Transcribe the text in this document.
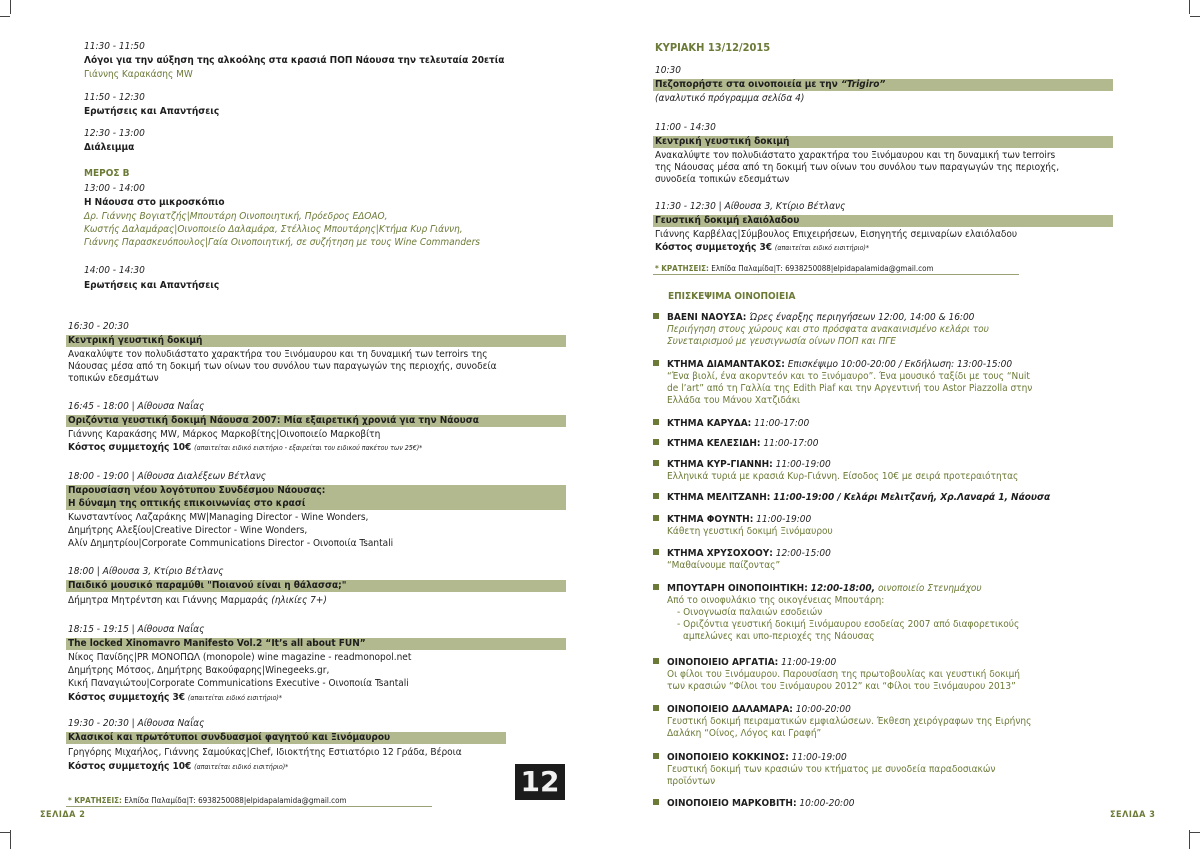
11:30 - 11:50
Λόγοι για την αύξηση της αλκοόλης στα κρασιά ΠΟΠ Νάουσα την τελευταία 20ετία
Γιάννης Καρακάσης MW
11:50 - 12:30
Ερωτήσεις και Απαντήσεις
12:30 - 13:00
Διάλειμμα
ΜΕΡΟΣ Β
13:00 - 14:00
Η Νάουσα στο μικροσκόπιο
Δρ. Γιάννης Βογιατζής|Μπουτάρη Οινοποιητική, Πρόεδρος ΕΔΟΑΟ,
Κωστής Δαλαμάρας|Οινοποιείο Δαλαμάρα, Στέλλιος Μπουτάρης|Κτήμα Κυρ Γιάννη,
Γιάννης Παρασκευόπουλος|Γαία Οινοποιητική, σε συζήτηση με τους Wine Commanders
14:00 - 14:30
Ερωτήσεις και Απαντήσεις
16:30 - 20:30
Κεντρική γευστική δοκιμή
Ανακαλύψτε τον πολυδιάστατο χαρακτήρα του Ξινόμαυρου και τη δυναμική των terroirs της
Νάουσας μέσα από τη δοκιμή των οίνων του συνόλου των παραγωγών της περιοχής, συνοδεία
τοπικών εδεσμάτων
16:45 - 18:00 | Αίθουσα Ναΐας
Οριζόντια γευστική δοκιμή Νάουσα 2007: Μία εξαιρετική χρονιά για την Νάουσα
Γιάννης Καρακάσης MW, Μάρκος Μαρκοβίτης|Οινοποιείο Μαρκοβίτη
Κόστος συμμετοχής 10€ (απαιτείται ειδικό εισιτήριο - εξαιρείται του ειδικού πακέτου των 25€)*
18:00 - 19:00 | Αίθουσα Διαλέξεων Βέτλανς
Παρουσίαση νέου λογότυπου Συνδέσμου Νάουσας:
Η δύναμη της οπτικής επικοινωνίας στο κρασί
Κωνσταντίνος Λαζαράκης MW|Managing Director - Wine Wonders,
Δημήτρης Αλεξίου|Creative Director - Wine Wonders,
Αλίν Δημητρίου|Corporate Communications Director - Οινοποιία Tsantali
18:00 | Αίθουσα 3, Κτίριο Βέτλανς
Παιδικό μουσικό παραμύθι "Ποιανού είναι η θάλασσα;"
Δήμητρα Μητρέντση και Γιάννης Μαρμαράς (ηλικίες 7+)
18:15 - 19:15 | Αίθουσα Ναΐας
The locked Xinomavro Manifesto Vol.2 “It’s all about FUN”
Νίκος Πανίδης|PR ΜΟΝΟΠΩΛ (monopole) wine magazine - readmonopol.net
Δημήτρης Μότσος, Δημήτρης Βακούφαρης|Winegeeks.gr,
Κική Παναγιώτου|Corporate Communications Executive - Οινοποιία Tsantali
Κόστος συμμετοχής 3€ (απαιτείται ειδικό εισιτήριο)*
19:30 - 20:30 | Αίθουσα Ναΐας
Κλασικοί και πρωτότυποι συνδυασμοί φαγητού και Ξινόμαυρου
Γρηγόρης Μιχαήλος, Γιάννης Σαμούκας|Chef, Ιδιοκτήτης Εστιατόριο 12 Γράδα, Βέροια
Κόστος συμμετοχής 10€ (απαιτείται ειδικό εισιτήριο)*	12
* ΚΡΑΤΗΣΕΙΣ: Ελπίδα Παλαμίδα|Τ: 6938250088|elpidapalamida@gmail.com
ΣΕΛΙΔΑ 2
ΚΥΡΙΑΚΗ 13/12/2015
10:30
Πεζοπορήστε στα οινοποιεία με την “Trigiro”
(αναλυτικό πρόγραμμα σελίδα 4)
11:00 - 14:30
Κεντρική γευστική δοκιμή
Ανακαλύψτε τον πολυδιάστατο χαρακτήρα του Ξινόμαυρου και τη δυναμική των terroirs
της Νάουσας μέσα από τη δοκιμή των οίνων του συνόλου των παραγωγών της περιοχής,
συνοδεία τοπικών εδεσμάτων
11:30 - 12:30 | Αίθουσα 3, Κτίριο Βέτλανς
Γευστική δοκιμή ελαιόλαδου
Γιάννης Καρβέλας|Σύμβουλος Επιχειρήσεων, Εισηγητής σεμιναρίων ελαιόλαδου
Κόστος συμμετοχής 3€ (απαιτείται ειδικό εισιτήριο)*
* ΚΡΑΤΗΣΕΙΣ: Ελπίδα Παλαμίδα|Τ: 6938250088|elpidapalamida@gmail.com
ΕΠΙΣΚΕΨΙΜΑ ΟΙΝΟΠΟΙΕΙΑ
ΒΑΕΝΙ ΝΑΟΥΣΑ: Ώρες έναρξης περιηγήσεων 12:00, 14:00 & 16:00
Περιήγηση στους χώρους και στο πρόσφατα ανακαινισμένο κελάρι του
Συνεταιρισμού με γευσιγνωσία οίνων ΠΟΠ και ΠΓΕ
ΚΤΗΜΑ ΔΙΑΜΑΝΤΑΚΟΣ: Επισκέψιμο 10:00-20:00 / Εκδήλωση: 13:00-15:00
“Ένα βιολί, ένα ακορντεόν και το Ξινόμαυρο”. Ένα μουσικό ταξίδι με τους “Nuit
de l’art” από τη Γαλλία της Edith Piaf και την Αργεντινή του Astor Piazzolla στην
Ελλάδα του Μάνου Χατζιδάκι
ΚΤΗΜΑ ΚΑΡΥΔΑ: 11:00-17:00
ΚΤΗΜΑ ΚΕΛΕΣΙΔΗ: 11:00-17:00
ΚΤΗΜΑ ΚΥΡ-ΓΙΑΝΝΗ: 11:00-19:00
Ελληνικά τυριά με κρασιά Κυρ-Γιάννη. Είσοδος 10€ με σειρά προτεραιότητας
ΚΤΗΜΑ ΜΕΛΙΤΖΑΝΗ: 11:00-19:00 / Κελάρι Μελιτζανή, Χρ.Λαναρά 1, Νάουσα
ΚΤΗΜΑ ΦΟΥΝΤΗ: 11:00-19:00
Κάθετη γευστική δοκιμή Ξινόμαυρου
ΚΤΗΜΑ ΧΡΥΣΟΧΟΟΥ: 12:00-15:00
“Μαθαίνουμε παίζοντας”
ΜΠΟΥΤΑΡΗ ΟΙΝΟΠΟΙΗΤΙΚΗ: 12:00-18:00, οινοποιείο Στενημάχου
Από το οινοφυλάκιο της οικογένειας Μπουτάρη:
- Οινογνωσία παλαιών εσοδειών
- Οριζόντια γευστική δοκιμή Ξινόμαυρου εσοδείας 2007 από διαφορετικούς
αμπελώνες και υπο-περιοχές της Νάουσας
ΟΙΝΟΠΟΙΕΙΟ ΑΡΓΑΤΙΑ: 11:00-19:00
Οι φίλοι του Ξινόμαυρου. Παρουσίαση της πρωτοβουλίας και γευστική δοκιμή
των κρασιών “Φίλοι του Ξινόμαυρου 2012” και “Φίλοι του Ξινόμαυρου 2013”
ΟΙΝΟΠΟΙΕΙΟ ΔΑΛΑΜΑΡΑ: 10:00-20:00
Γευστική δοκιμή πειραματικών εμφιαλώσεων. Έκθεση χειρόγραφων της Ειρήνης
Δαλάκη “Οίνος, Λόγος και Γραφή”
ΟΙΝΟΠΟΙΕΙΟ ΚΟΚΚΙΝΟΣ: 11:00-19:00
Γευστική δοκιμή των κρασιών του κτήματος με συνοδεία παραδοσιακών
προϊόντων
ΟΙΝΟΠΟΙΕΙΟ ΜΑΡΚΟΒΙΤΗ: 10:00-20:00
ΣΕΛΙΔΑ 3
